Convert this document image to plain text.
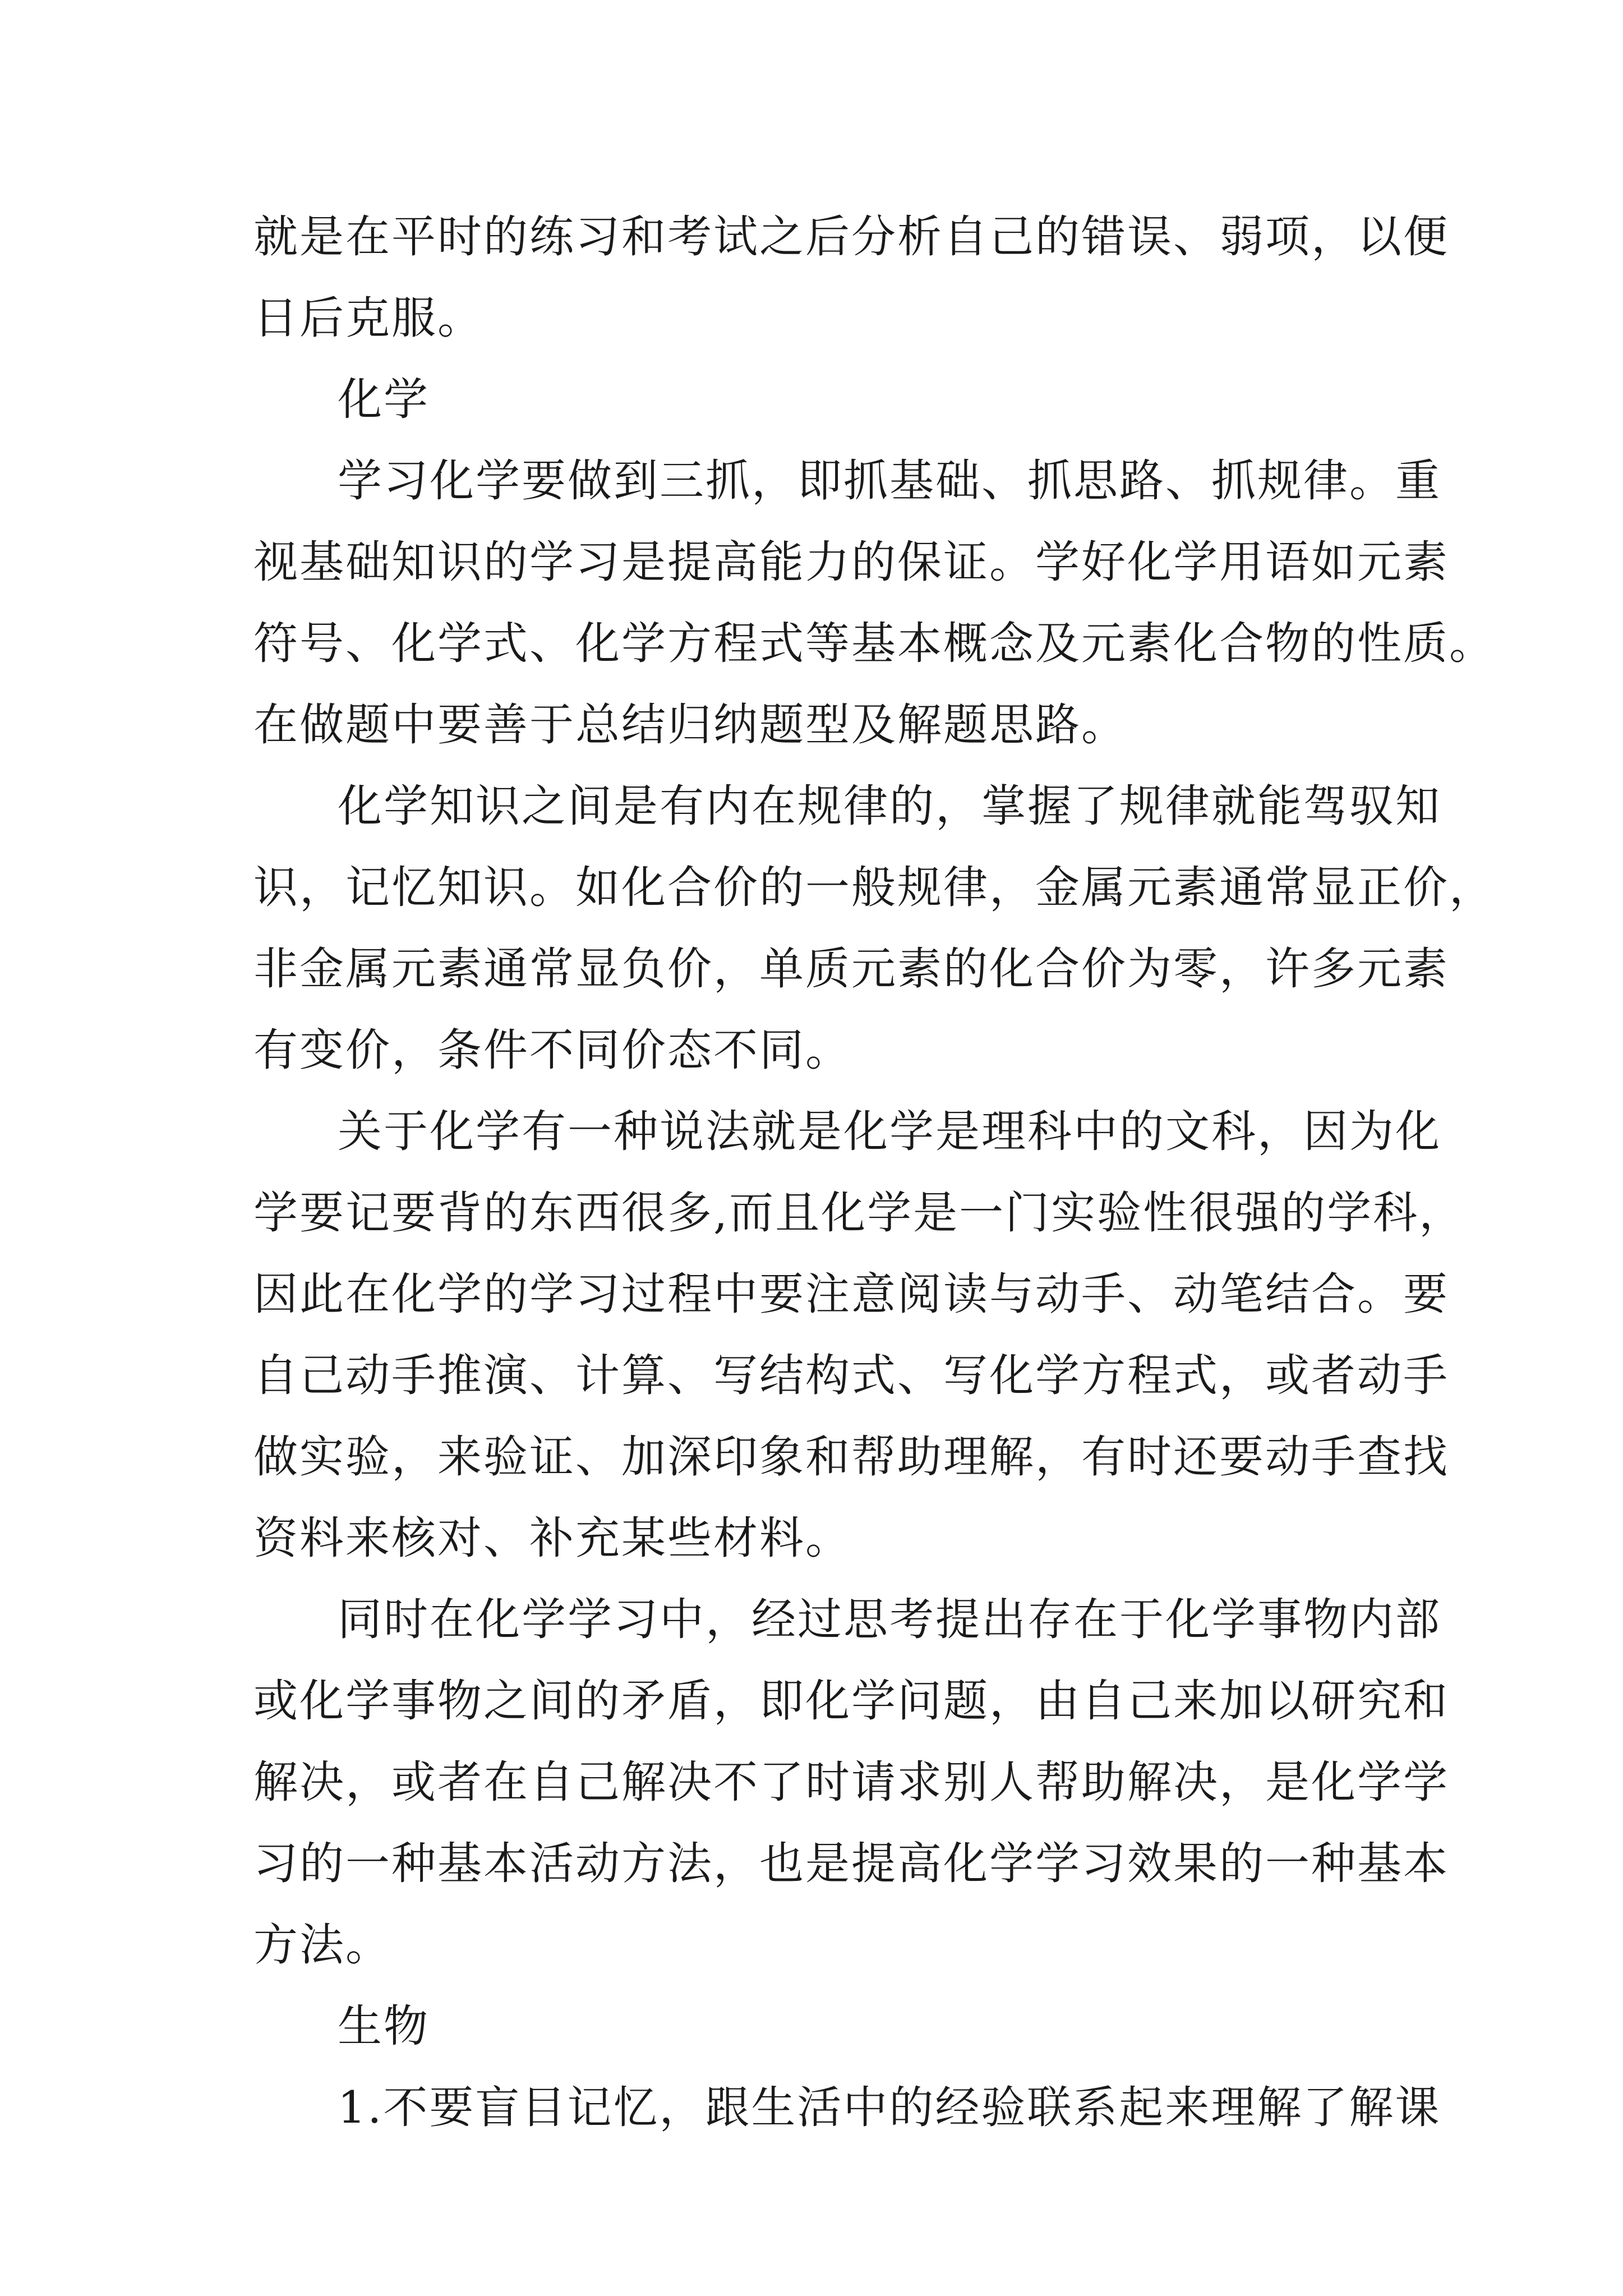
就是在平时的练习和考试之后分析自己的错误、弱项，以便
日后克服。
化学
学习化学要做到三抓，即抓基础、抓思路、抓规律。重
视基础知识的学习是提高能力的保证。学好化学用语如元素
符号、化学式、化学方程式等基本概念及元素化合物的性质。
在做题中要善于总结归纳题型及解题思路。
化学知识之间是有内在规律的，掌握了规律就能驾驭知
识，记忆知识。如化合价的一般规律，金属元素通常显正价，
非金属元素通常显负价，单质元素的化合价为零，许多元素
有变价，条件不同价态不同。
关于化学有一种说法就是化学是理科中的文科，因为化
学要记要背的东西很多,而且化学是一门实验性很强的学科，
因此在化学的学习过程中要注意阅读与动手、动笔结合。要
自己动手推演、计算、写结构式、写化学方程式，或者动手
做实验，来验证、加深印象和帮助理解，有时还要动手查找
资料来核对、补充某些材料。
同时在化学学习中，经过思考提出存在于化学事物内部
或化学事物之间的矛盾，即化学问题，由自己来加以研究和
解决，或者在自己解决不了时请求别人帮助解决，是化学学
习的一种基本活动方法，也是提高化学学习效果的一种基本
方法。
生物
1.不要盲目记忆，跟生活中的经验联系起来理解了解课
